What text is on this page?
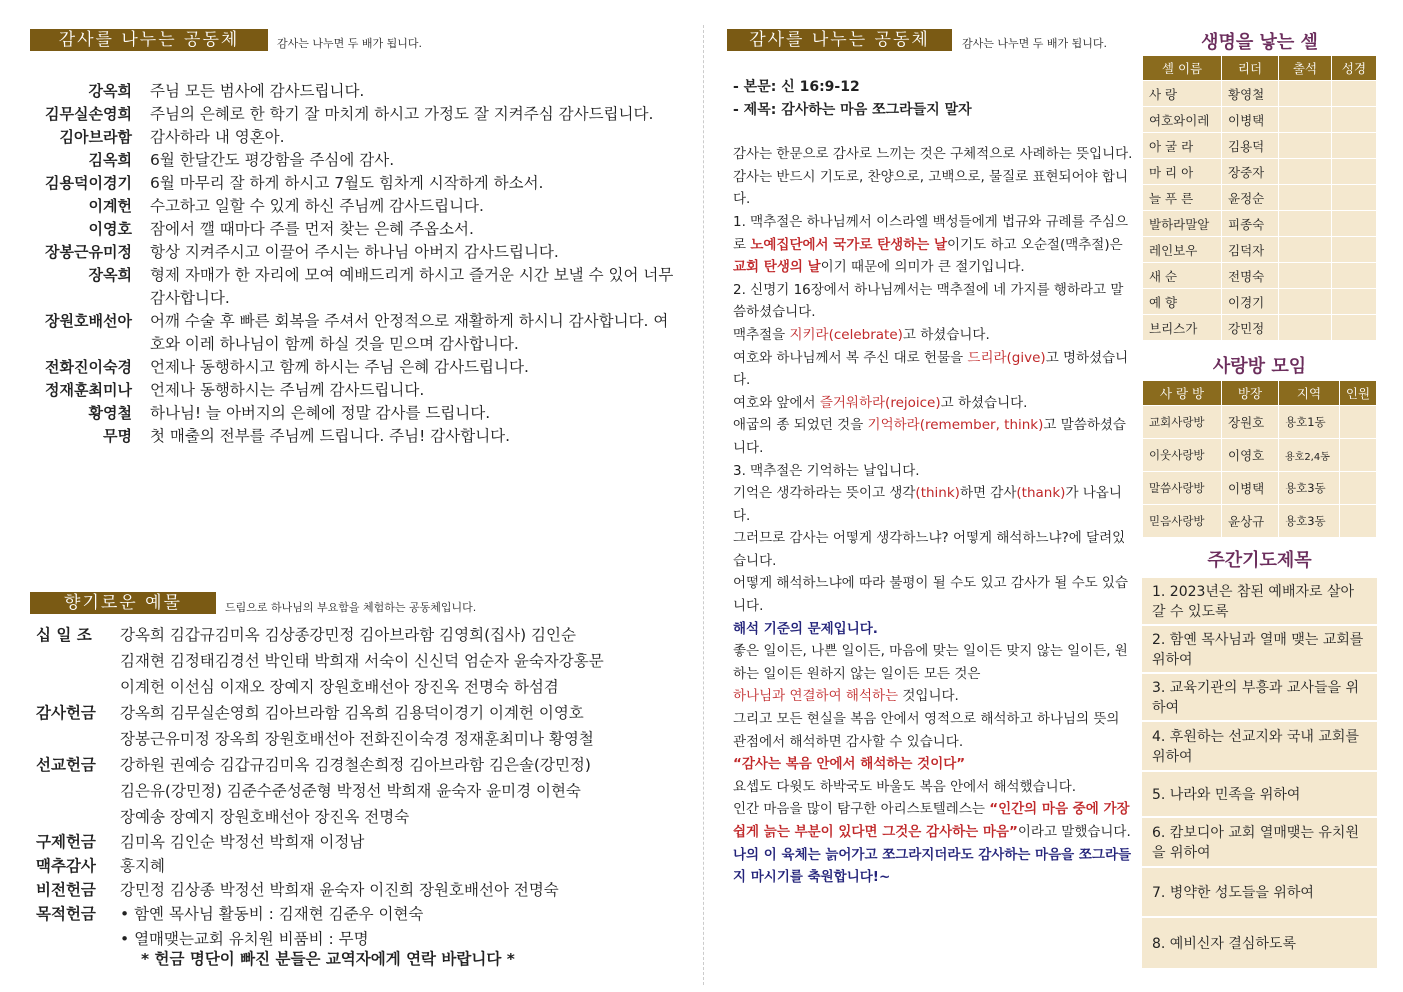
감사를 나누는 공동체	감사는 나누면 두 배가 됩니다.
강옥희	주님 모든 범사에 감사드립니다.
김무실손영희	주님의 은혜로 한 학기 잘 마치게 하시고 가정도 잘 지켜주심 감사드립니다.
김아브라함	감사하라 내 영혼아.
김옥희	6월 한달간도 평강함을 주심에 감사.
김용덕이경기	6월 마무리 잘 하게 하시고 7월도 힘차게 시작하게 하소서.
이계헌	수고하고 일할 수 있게 하신 주님께 감사드립니다.
이영호	잠에서 깰 때마다 주를 먼저 찾는 은혜 주옵소서.
장봉근유미정	항상 지켜주시고 이끌어 주시는 하나님 아버지 감사드립니다.
장옥희	형제 자매가 한 자리에 모여 예배드리게 하시고 즐거운 시간 보낼 수 있어 너무 감사합니다.
장원호배선아	어깨 수술 후 빠른 회복을 주셔서 안정적으로 재활하게 하시니 감사합니다. 여호와 이레 하나님이 함께 하실 것을 믿으며 감사합니다.
전화진이숙경	언제나 동행하시고 함께 하시는 주님 은혜 감사드립니다.
정재훈최미나	언제나 동행하시는 주님께 감사드립니다.
황영철	하나님! 늘 아버지의 은혜에 정말 감사를 드립니다.
무명	첫 매출의 전부를 주님께 드립니다. 주님! 감사합니다.
향기로운 예물	드림으로 하나님의 부요함을 체험하는 공동체입니다.
십 일 조	강옥희 김갑규김미옥 김상종강민정 김아브라함 김영희(집사) 김인순
김재현 김정태김경선 박인태 박희재 서숙이 신신덕 엄순자 윤숙자강홍문
이계헌 이선심 이재오 장예지 장원호배선아 장진옥 전명숙 하섬겸
감사헌금	강옥희 김무실손영희 김아브라함 김옥희 김용덕이경기 이계헌 이영호
장봉근유미정 장옥희 장원호배선아 전화진이숙경 정재훈최미나 황영철
선교헌금	강하원 권예승 김갑규김미옥 김경철손희정 김아브라함 김은솔(강민정)
김은유(강민정) 김준수준성준형 박정선 박희재 윤숙자 윤미경 이현숙
장예송 장예지 장원호배선아 장진옥 전명숙
구제헌금	김미옥 김인순 박정선 박희재 이정남
맥추감사	홍지혜
비전헌금	강민정 김상종 박정선 박희재 윤숙자 이진희 장원호배선아 전명숙
목적헌금	• 함옌 목사님 활동비 : 김재현 김준우 이현숙
• 열매맺는교회 유치원 비품비 : 무명
* 헌금 명단이 빠진 분들은 교역자에게 연락 바랍니다 *
감사를 나누는 공동체	감사는 나누면 두 배가 됩니다.
- 본문: 신 16:9-12
- 제목: 감사하는 마음 쪼그라들지 말자
감사는 한문으로 감사로 느끼는 것은 구체적으로 사례하는 뜻입니다.
감사는 반드시 기도로, 찬양으로, 고백으로, 물질로 표현되어야 합니다.
1. 맥추절은 하나님께서 이스라엘 백성들에게 법규와 규례를 주심으로 노예집단에서 국가로 탄생하는 날이기도 하고 오순절(맥추절)은 교회 탄생의 날이기 때문에 의미가 큰 절기입니다.
2. 신명기 16장에서 하나님께서는 맥추절에 네 가지를 행하라고 말씀하셨습니다.
맥추절을 지키라(celebrate)고 하셨습니다.
여호와 하나님께서 복 주신 대로 헌물을 드리라(give)고 명하셨습니다.
여호와 앞에서 즐거워하라(rejoice)고 하셨습니다.
애굽의 종 되었던 것을 기억하라(remember, think)고 말씀하셨습니다.
3. 맥추절은 기억하는 날입니다.
기억은 생각하라는 뜻이고 생각(think)하면 감사(thank)가 나옵니다.
그러므로 감사는 어떻게 생각하느냐? 어떻게 해석하느냐?에 달려있습니다.
어떻게 해석하느냐에 따라 불평이 될 수도 있고 감사가 될 수도 있습니다.
해석 기준의 문제입니다.
좋은 일이든, 나쁜 일이든, 마음에 맞는 일이든 맞지 않는 일이든, 원하는 일이든 원하지 않는 일이든 모든 것은
하나님과 연결하여 해석하는 것입니다.
그리고 모든 현실을 복음 안에서 영적으로 해석하고 하나님의 뜻의 관점에서 해석하면 감사할 수 있습니다.
“감사는 복음 안에서 해석하는 것이다”
요셉도 다윗도 하박국도 바울도 복음 안에서 해석했습니다.
인간 마음을 많이 탐구한 아리스토텔레스는 “인간의 마음 중에 가장 쉽게 늙는 부분이 있다면 그것은 감사하는 마음”이라고 말했습니다.
나의 이 육체는 늙어가고 쪼그라지더라도 감사하는 마음을 쪼그라들지 마시기를 축원합니다!~
생명을 낳는 셀
셀 이름	리더	출석	성경
사 랑	황영철		
여호와이레	이병택		
아 굴 라	김용덕		
마 리 아	장중자		
늘 푸 른	윤정순		
발하라말알	피종숙		
레인보우	김덕자		
새 순	전명숙		
예 향	이경기		
브리스가	강민정		
사랑방 모임
사 랑 방	방장	지역	인원
교회사랑방	장원호	용호1동	
이웃사랑방	이영호	용호2,4동	
말씀사랑방	이병택	용호3동	
믿음사랑방	윤상규	용호3동	
주간기도제목
1. 2023년은 참된 예배자로 살아갈 수 있도록
2. 함옌 목사님과 열매 맺는 교회를 위하여
3. 교육기관의 부흥과 교사들을 위하여
4. 후원하는 선교지와 국내 교회를 위하여
5. 나라와 민족을 위하여
6. 캄보디아 교회 열매맺는 유치원을 위하여
7. 병약한 성도들을 위하여
8. 예비신자 결심하도록
